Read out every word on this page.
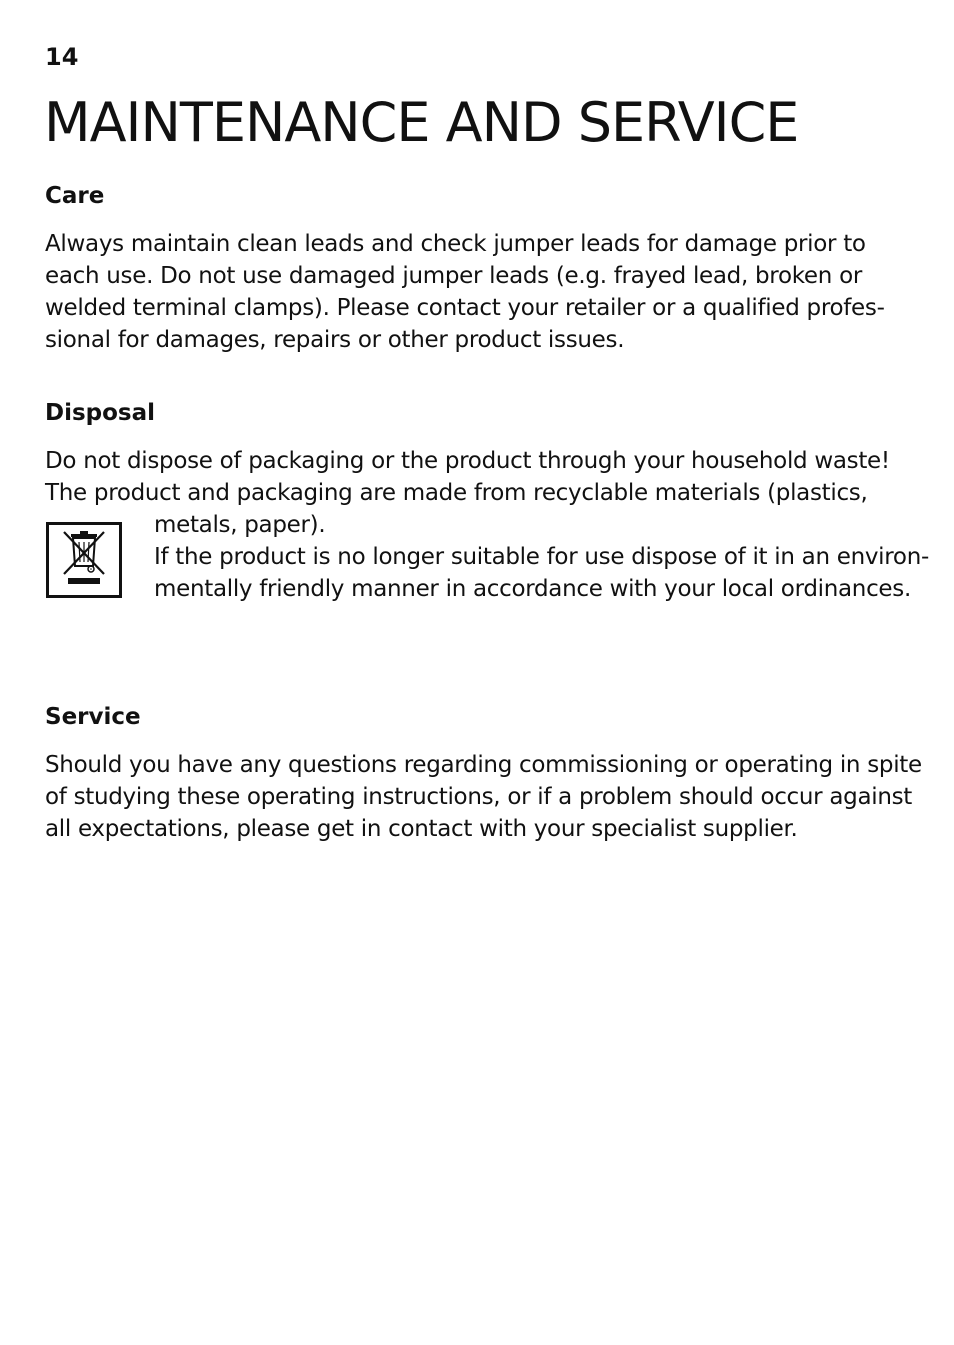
14
MAINTENANCE AND SERVICE
Care

Always maintain clean leads and check jumper leads for damage prior to
each use. Do not use damaged jumper leads (e.g. frayed lead, broken or
welded terminal clamps). Please contact your retailer or a qualified profes-
sional for damages, repairs or other product issues.

Disposal

Do not dispose of packaging or the product through your household waste!
The product and packaging are made from recyclable materials (plastics,

metals, paper).
If the product is no longer suitable for use dispose of it in an environ-
mentally friendly manner in accordance with your local ordinances.

Service

Should you have any questions regarding commissioning or operating in spite
of studying these operating instructions, or if a problem should occur against
all expectations, please get in contact with your specialist supplier.
